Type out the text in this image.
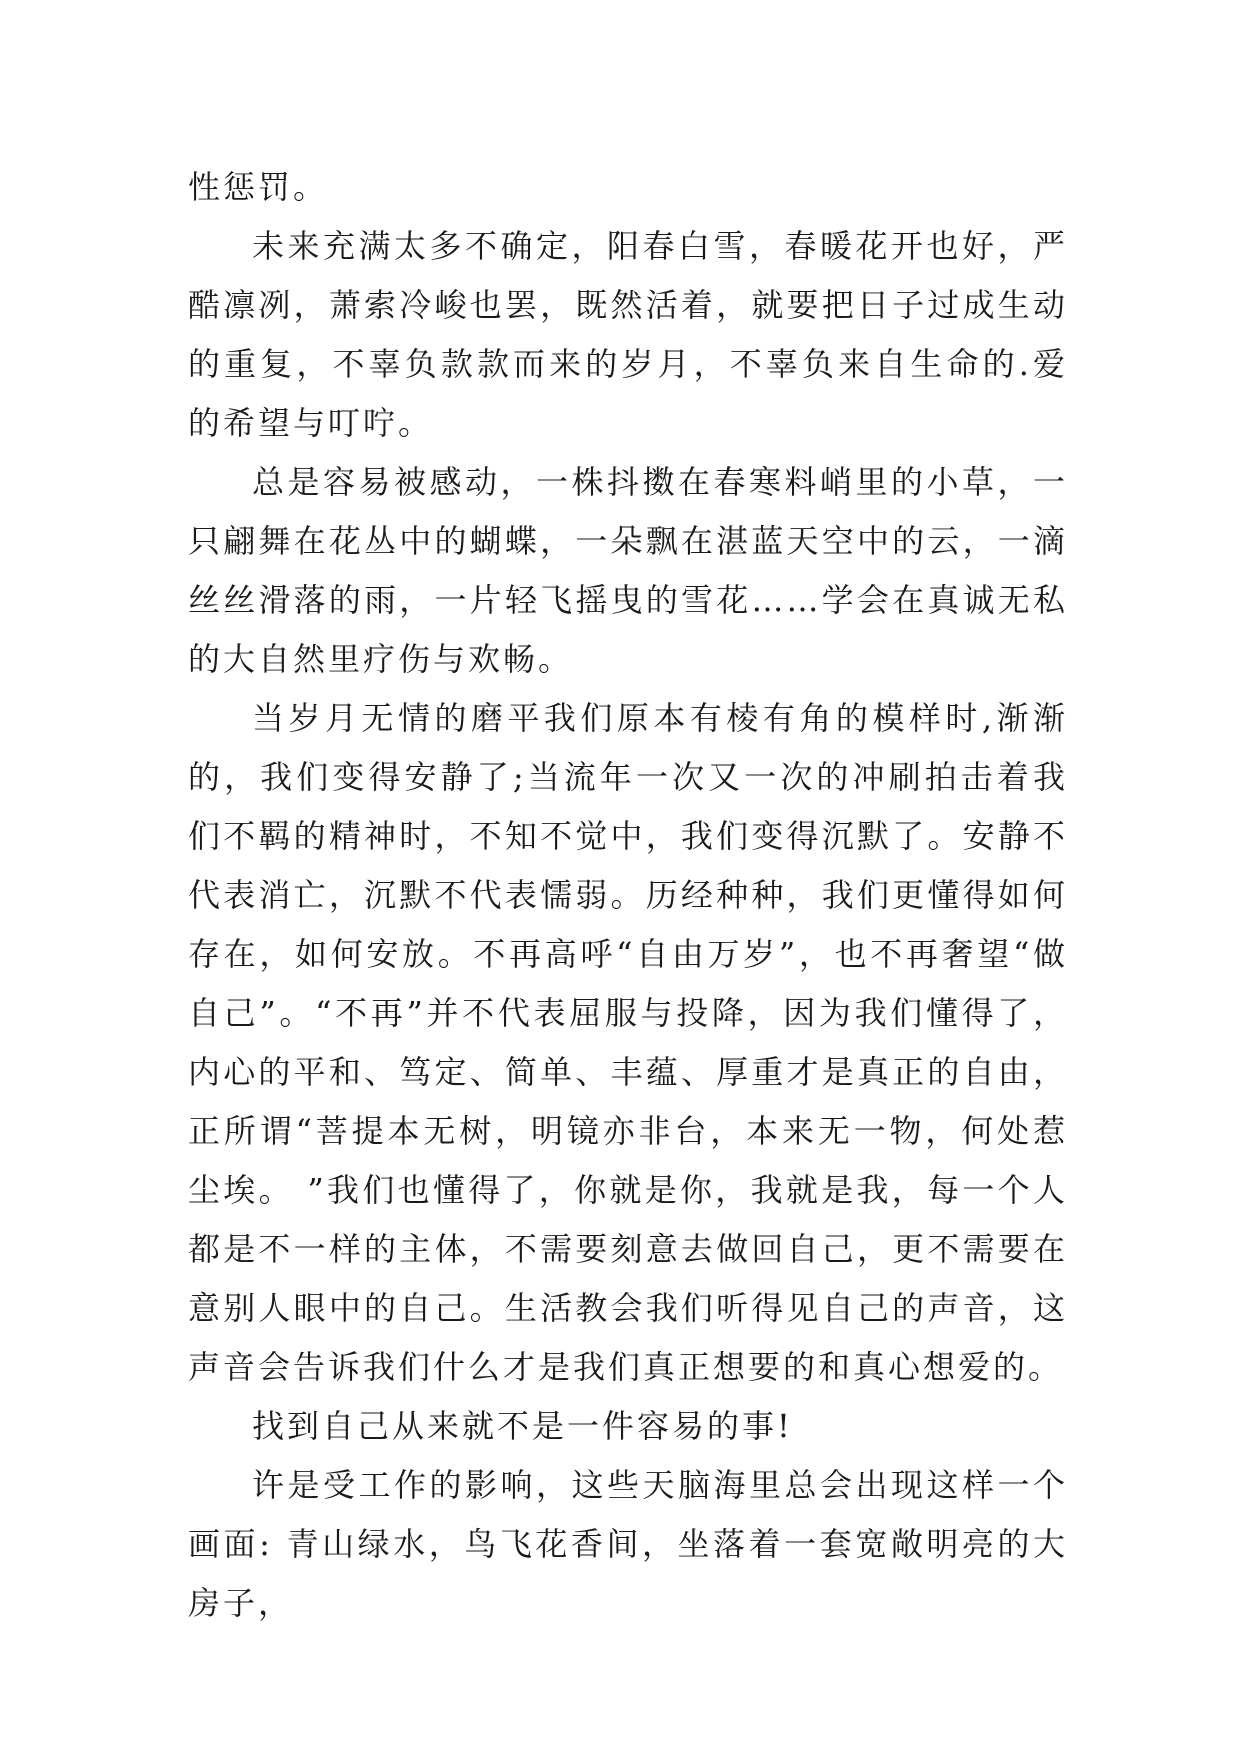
性惩罚。

未来充满太多不确定，阳春白雪，春暖花开也好，严酷凛冽，萧索冷峻也罢，既然活着，就要把日子过成生动的重复，不辜负款款而来的岁月，不辜负来自生命的.爱的希望与叮咛。

总是容易被感动，一株抖擞在春寒料峭里的小草，一只翩舞在花丛中的蝴蝶，一朵飘在湛蓝天空中的云，一滴丝丝滑落的雨，一片轻飞摇曳的雪花……学会在真诚无私的大自然里疗伤与欢畅。

当岁月无情的磨平我们原本有棱有角的模样时,渐渐的，我们变得安静了;当流年一次又一次的冲刷拍击着我们不羁的精神时，不知不觉中，我们变得沉默了。安静不代表消亡，沉默不代表懦弱。历经种种，我们更懂得如何存在，如何安放。不再高呼“自由万岁”，也不再奢望“做自己”。“不再”并不代表屈服与投降，因为我们懂得了，内心的平和、笃定、简单、丰蕴、厚重才是真正的自由，正所谓“菩提本无树，明镜亦非台，本来无一物，何处惹尘埃。 ”我们也懂得了，你就是你，我就是我，每一个人都是不一样的主体，不需要刻意去做回自己，更不需要在意别人眼中的自己。生活教会我们听得见自己的声音，这声音会告诉我们什么才是我们真正想要的和真心想爱的。

找到自己从来就不是一件容易的事!

许是受工作的影响，这些天脑海里总会出现这样一个画面: 青山绿水，鸟飞花香间，坐落着一套宽敞明亮的大房子，
